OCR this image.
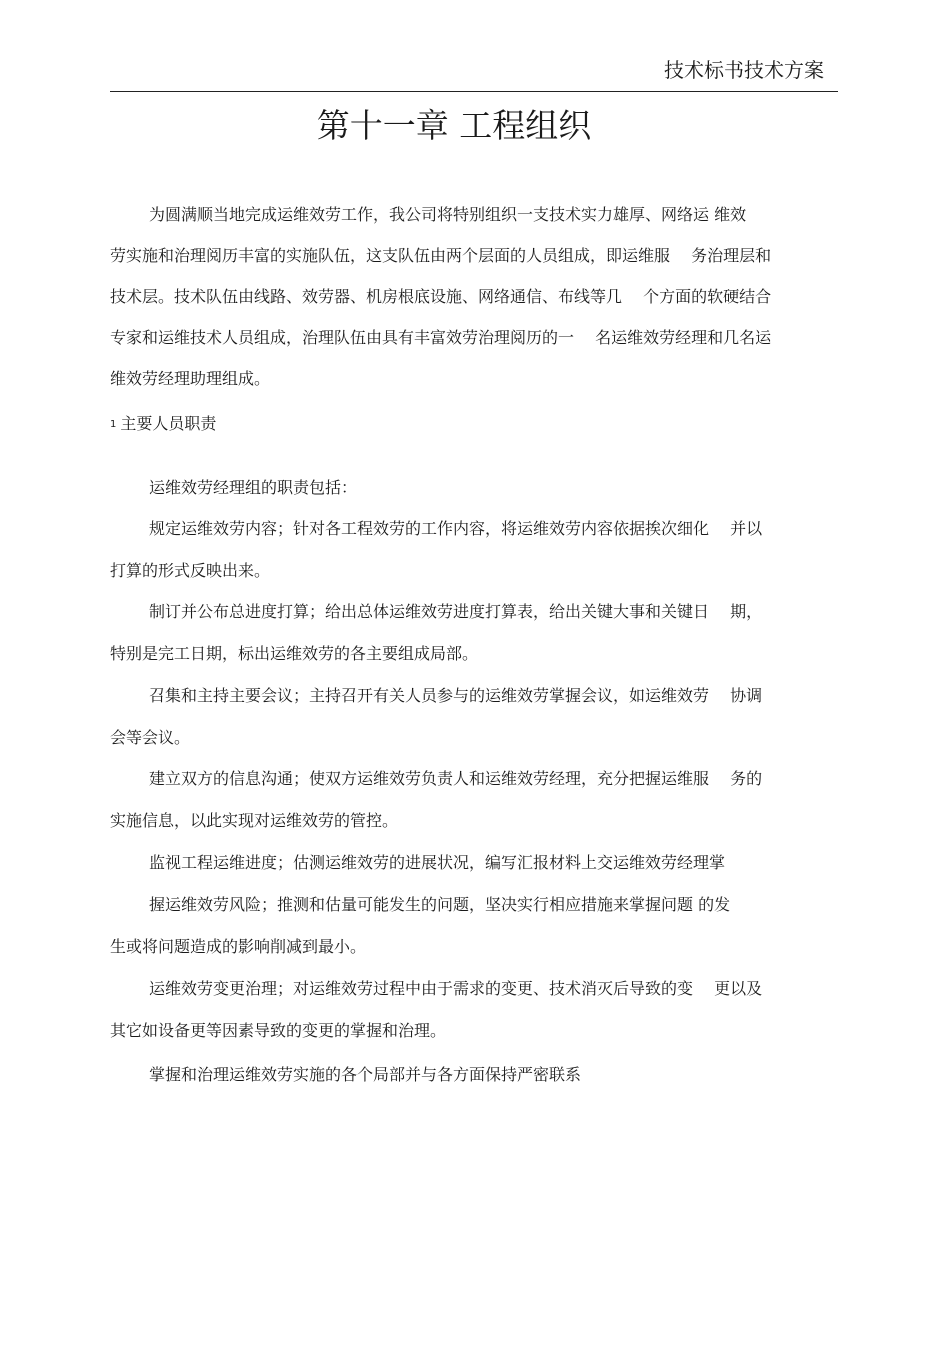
技术标书技术方案
第十一章 工程组织
为圆满顺当地完成运维效劳工作，我公司将特别组织一支技术实力雄厚、网络运 维效
劳实施和治理阅历丰富的实施队伍，这支队伍由两个层面的人员组成，即运维服　 务治理层和
技术层。技术队伍由线路、效劳器、机房根底设施、网络通信、布线等几　 个方面的软硬结合
专家和运维技术人员组成，治理队伍由具有丰富效劳治理阅历的一　 名运维效劳经理和几名运
维效劳经理助理组成。
1 主要人员职责
运维效劳经理组的职责包括：
规定运维效劳内容；针对各工程效劳的工作内容，将运维效劳内容依据挨次细化　 并以
打算的形式反映出来。
制订并公布总进度打算；给出总体运维效劳进度打算表，给出关键大事和关键日　 期，
特别是完工日期，标出运维效劳的各主要组成局部。
召集和主持主要会议；主持召开有关人员参与的运维效劳掌握会议，如运维效劳　 协调
会等会议。
建立双方的信息沟通；使双方运维效劳负责人和运维效劳经理，充分把握运维服　 务的
实施信息，以此实现对运维效劳的管控。
监视工程运维进度；估测运维效劳的进展状况，编写汇报材料上交运维效劳经理掌
握运维效劳风险；推测和估量可能发生的问题，坚决实行相应措施来掌握问题 的发
生或将问题造成的影响削减到最小。
运维效劳变更治理；对运维效劳过程中由于需求的变更、技术消灭后导致的变　 更以及
其它如设备更等因素导致的变更的掌握和治理。
掌握和治理运维效劳实施的各个局部并与各方面保持严密联系
